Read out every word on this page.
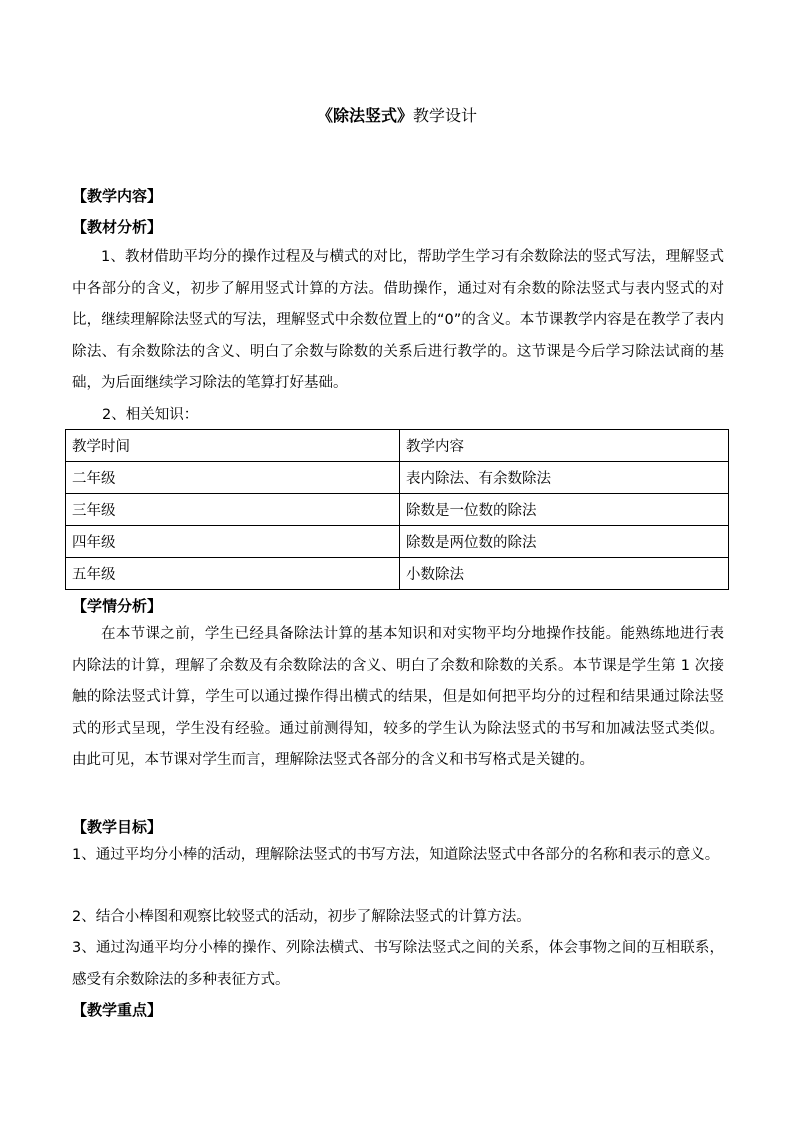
《除法竖式》教学设计
【教学内容】
【教材分析】

1、教材借助平均分的操作过程及与横式的对比，帮助学生学习有余数除法的竖式写法，理解竖式中各部分的含义，初步了解用竖式计算的方法。借助操作，通过对有余数的除法竖式与表内竖式的对比，继续理解除法竖式的写法，理解竖式中余数位置上的“0”的含义。本节课教学内容是在教学了表内除法、有余数除法的含义、明白了余数与除数的关系后进行教学的。这节课是今后学习除法试商的基础，为后面继续学习除法的笔算打好基础。

2、相关知识：
教学时间	教学内容
二年级	表内除法、有余数除法
三年级	除数是一位数的除法
四年级	除数是两位数的除法
五年级	小数除法
【学情分析】

在本节课之前，学生已经具备除法计算的基本知识和对实物平均分地操作技能。能熟练地进行表内除法的计算，理解了余数及有余数除法的含义、明白了余数和除数的关系。本节课是学生第 1 次接触的除法竖式计算，学生可以通过操作得出横式的结果，但是如何把平均分的过程和结果通过除法竖式的形式呈现，学生没有经验。通过前测得知，较多的学生认为除法竖式的书写和加减法竖式类似。由此可见，本节课对学生而言，理解除法竖式各部分的含义和书写格式是关键的。

【教学目标】

1、通过平均分小棒的活动，理解除法竖式的书写方法，知道除法竖式中各部分的名称和表示的意义。

2、结合小棒图和观察比较竖式的活动，初步了解除法竖式的计算方法。

3、通过沟通平均分小棒的操作、列除法横式、书写除法竖式之间的关系，体会事物之间的互相联系，感受有余数除法的多种表征方式。

【教学重点】
